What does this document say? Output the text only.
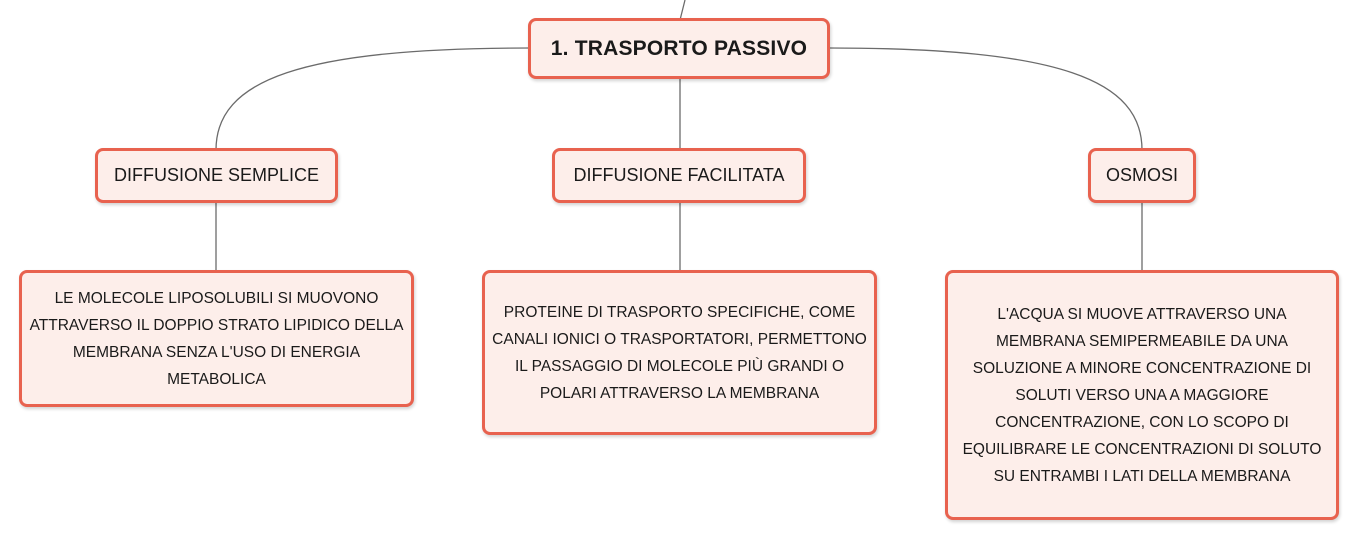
1. TRASPORTO PASSIVO
DIFFUSIONE SEMPLICE	DIFFUSIONE FACILITATA	OSMOSI
LE MOLECOLE LIPOSOLUBILI SI MUOVONO ATTRAVERSO IL DOPPIO STRATO LIPIDICO DELLA MEMBRANA SENZA L'USO DI ENERGIA METABOLICA
PROTEINE DI TRASPORTO SPECIFICHE, COME CANALI IONICI O TRASPORTATORI, PERMETTONO IL PASSAGGIO DI MOLECOLE PIÙ GRANDI O POLARI ATTRAVERSO LA MEMBRANA
L'ACQUA SI MUOVE ATTRAVERSO UNA MEMBRANA SEMIPERMEABILE DA UNA SOLUZIONE A MINORE CONCENTRAZIONE DI SOLUTI VERSO UNA A MAGGIORE CONCENTRAZIONE, CON LO SCOPO DI EQUILIBRARE LE CONCENTRAZIONI DI SOLUTO SU ENTRAMBI I LATI DELLA MEMBRANA
